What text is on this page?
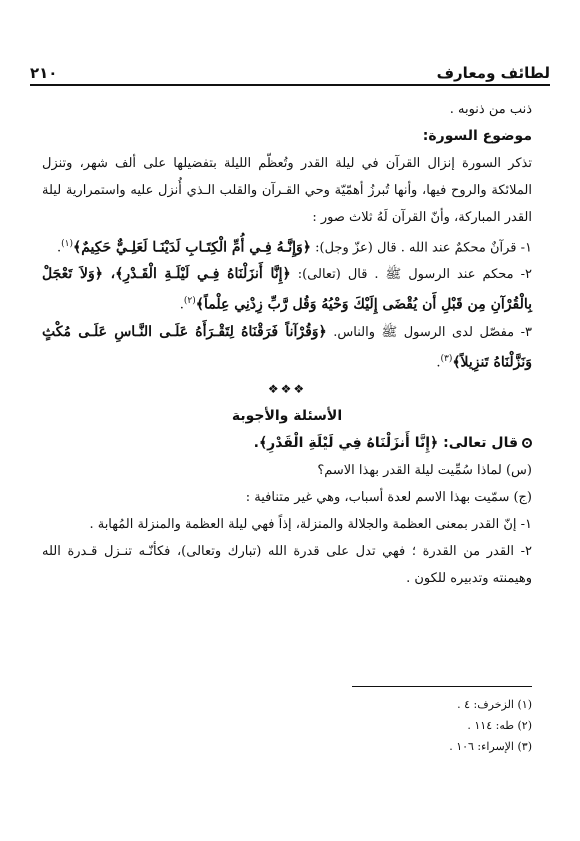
لطائف ومعارف
٢١٠

ذنب من ذنوبه .

موضوع السورة:

تذكر السورة إنزال القرآن في ليلة القدر وتُعظّم الليلة بتفضيلها على ألف شهر، وتنزل الملائكة والروح فيها، وأنها تُبرزُ أهمّيّة وحي القـرآن والقلب الـذي أُنزل عليه واستمرارية ليلة القدر المباركة، وأنّ القرآن لَهُ ثلاث صور :

١- قرآنٌ محكمٌ عند الله . قال (عزّ وجل): ﴿وَإِنَّـهُ فِـي أُمِّ الْكِتَـابِ لَدَيْنَـا لَعَلِـيٌّ حَكِيمٌ﴾$^{(١)}$.

٢- محكم عند الرسول ﷺ . قال (تعالى): ﴿إِنَّا أَنزَلْنَاهُ فِـي لَيْلَـةِ الْقَـدْرِ﴾، ﴿وَلاَ تَعْجَلْ بِالْقُرْآنِ مِن قَبْلِ أَن يُقْضَى إِلَيْكَ وَحْيُهُ وَقُل رَّبِّ زِدْنِي عِلْماً﴾$^{(٢)}$.

٣- مفصّل لدى الرسول ﷺ والناس. ﴿وَقُرْآناً فَرَقْنَاهُ لِتَقْـرَأَهُ عَلَـى النَّـاسِ عَلَـى مُكْثٍ وَنَزَّلْنَاهُ تَنزِيلاً﴾$^{(٣)}$.

❖❖❖

الأسئلة والأجوبة

قال تعالى: ﴿إِنَّا أَنزَلْنَاهُ فِي لَيْلَةِ الْقَدْرِ﴾.

(س) لماذا سُمِّيت ليلة القدر بهذا الاسم؟

(ج) سمّيت بهذا الاسم لعدة أسباب، وهي غير متنافية :

١- إنّ القدر بمعنى العظمة والجلالة والمنزلة، إذاً فهي ليلة العظمة والمنزلة المُهابة .

٢- القدر من القدرة ؛ فهي تدل على قدرة الله (تبارك وتعالى)، فكأنّـه تنـزل قـدرة الله وهيمنته وتدبيره للكون .

(١) الزخرف: ٤ .
(٢) طه: ١١٤ .
(٣) الإسراء: ١٠٦ .
